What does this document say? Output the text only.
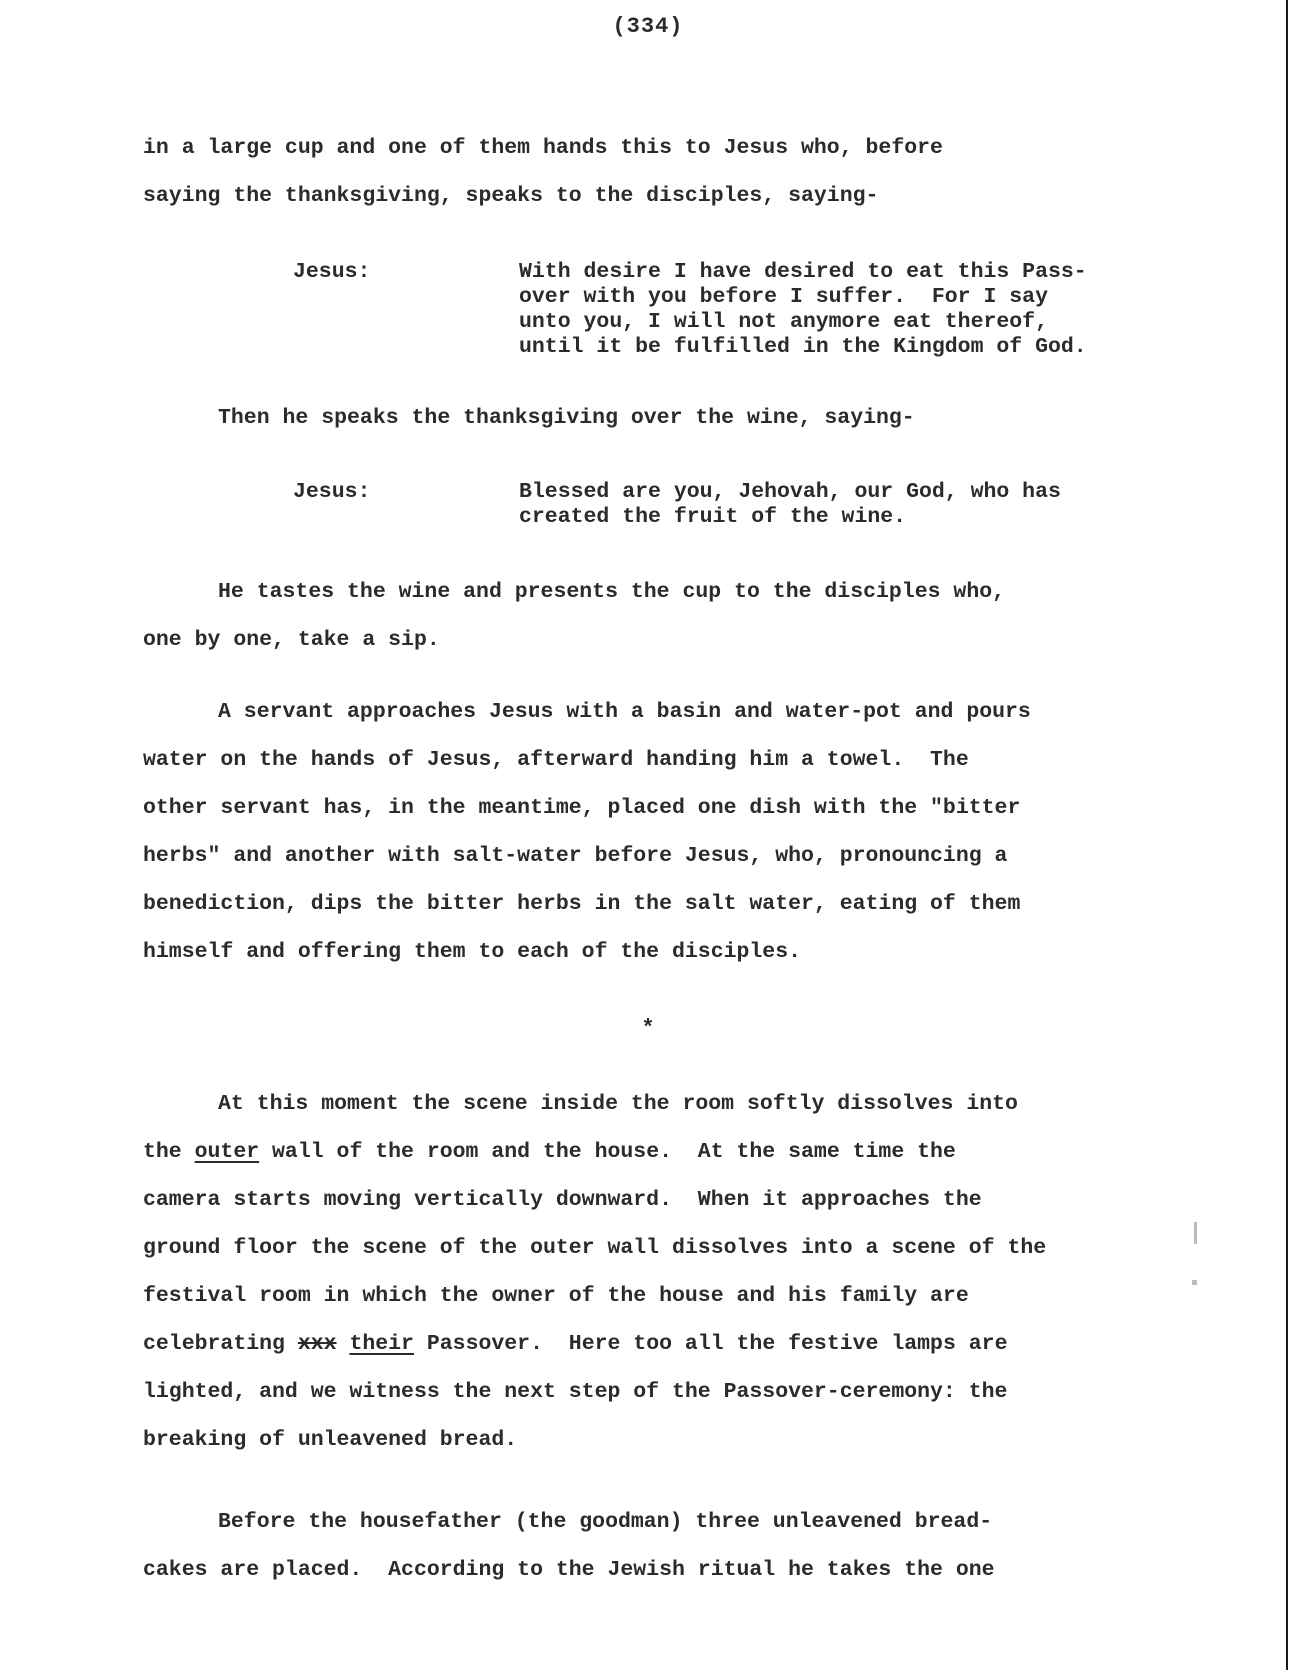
(334)
in a large cup and one of them hands this to Jesus who, before
saying the thanksgiving, speaks to the disciples, saying-
Jesus:	With desire I have desired to eat this Pass-
over with you before I suffer.  For I say
unto you, I will not anymore eat thereof,
until it be fulfilled in the Kingdom of God.
Then he speaks the thanksgiving over the wine, saying-
Jesus:	Blessed are you, Jehovah, our God, who has
created the fruit of the wine.
He tastes the wine and presents the cup to the disciples who,
one by one, take a sip.
A servant approaches Jesus with a basin and water-pot and pours
water on the hands of Jesus, afterward handing him a towel.  The
other servant has, in the meantime, placed one dish with the "bitter
herbs" and another with salt-water before Jesus, who, pronouncing a
benediction, dips the bitter herbs in the salt water, eating of them
himself and offering them to each of the disciples.
*
At this moment the scene inside the room softly dissolves into
the outer wall of the room and the house.  At the same time the
camera starts moving vertically downward.  When it approaches the
ground floor the scene of the outer wall dissolves into a scene of the
festival room in which the owner of the house and his family are
celebrating xxx their Passover.  Here too all the festive lamps are
lighted, and we witness the next step of the Passover-ceremony: the
breaking of unleavened bread.
Before the housefather (the goodman) three unleavened bread-
cakes are placed.  According to the Jewish ritual he takes the one
